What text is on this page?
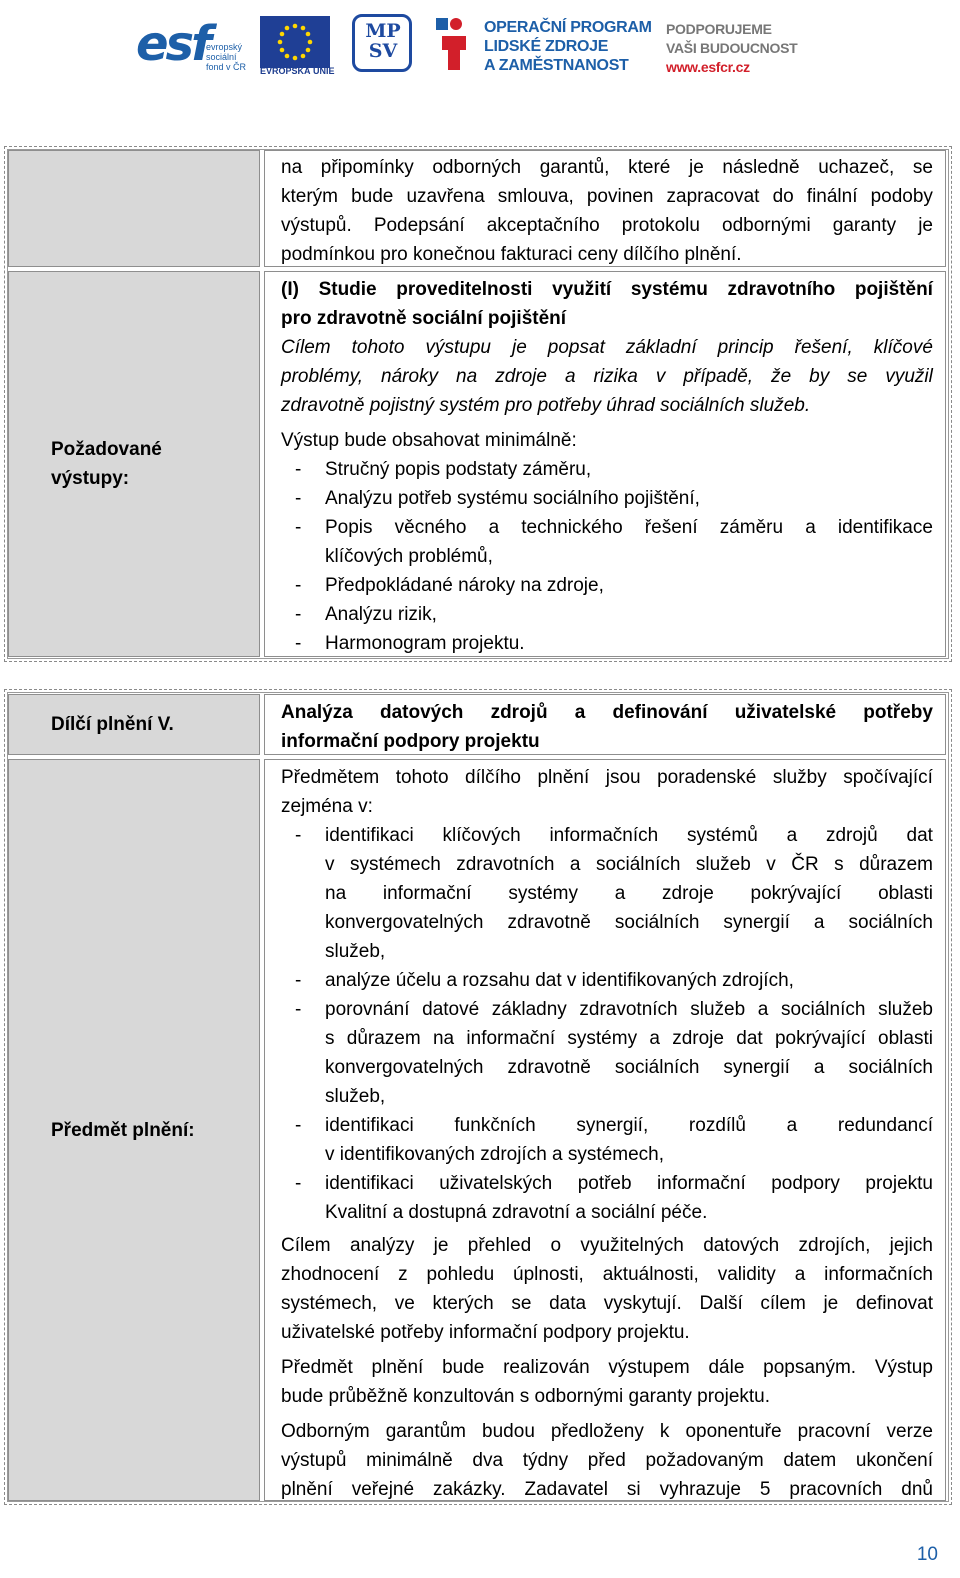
esf
evropský
sociální
fond v ČR EVROPSKÁ UNIE
MP
SV
OPERAČNÍ PROGRAM
LIDSKÉ ZDROJE
A ZAMĚSTNANOST
PODPORUJEME
VAŠI BUDOUCNOST
www.esfcr.cz
Požadované
výstupy:
na připomínky odborných garantů, které je následně uchazeč, se
kterým bude uzavřena smlouva, povinen zapracovat do finální podoby
výstupů. Podepsání akceptačního protokolu odbornými garanty je
podmínkou pro konečnou fakturaci ceny dílčího plnění.
(I) Studie proveditelnosti využití systému zdravotního pojištění
pro zdravotně sociální pojištění
Cílem tohoto výstupu je popsat základní princip řešení, klíčové
problémy, nároky na zdroje a rizika v případě, že by se využil
zdravotně pojistný systém pro potřeby úhrad sociálních služeb.
Výstup bude obsahovat minimálně:
- Stručný popis podstaty záměru,
- Analýzu potřeb systému sociálního pojištění,
- Popis věcného a technického řešení záměru a identifikace
klíčových problémů,
- Předpokládané nároky na zdroje,
- Analýzu rizik,
- Harmonogram projektu.
Dílčí plnění V.
Předmět plnění:
Analýza datových zdrojů a definování uživatelské potřeby
informační podpory projektu
Předmětem tohoto dílčího plnění jsou poradenské služby spočívající
zejména v:
- identifikaci klíčových informačních systémů a zdrojů dat
v systémech zdravotních a sociálních služeb v ČR s důrazem
na informační systémy a zdroje pokrývající oblasti
konvergovatelných zdravotně sociálních synergií a sociálních
služeb,
- analýze účelu a rozsahu dat v identifikovaných zdrojích,
- porovnání datové základny zdravotních služeb a sociálních služeb
s důrazem na informační systémy a zdroje dat pokrývající oblasti
konvergovatelných zdravotně sociálních synergií a sociálních
služeb,
- identifikaci funkčních synergií, rozdílů a redundancí
v identifikovaných zdrojích a systémech,
- identifikaci uživatelských potřeb informační podpory projektu
Kvalitní a dostupná zdravotní a sociální péče.
Cílem analýzy je přehled o využitelných datových zdrojích, jejich
zhodnocení z pohledu úplnosti, aktuálnosti, validity a informačních
systémech, ve kterých se data vyskytují. Další cílem je definovat
uživatelské potřeby informační podpory projektu.
Předmět plnění bude realizován výstupem dále popsaným. Výstup
bude průběžně konzultován s odbornými garanty projektu.
Odborným garantům budou předloženy k oponentuře pracovní verze
výstupů minimálně dva týdny před požadovaným datem ukončení
plnění veřejné zakázky. Zadavatel si vyhrazuje 5 pracovních dnů
10
